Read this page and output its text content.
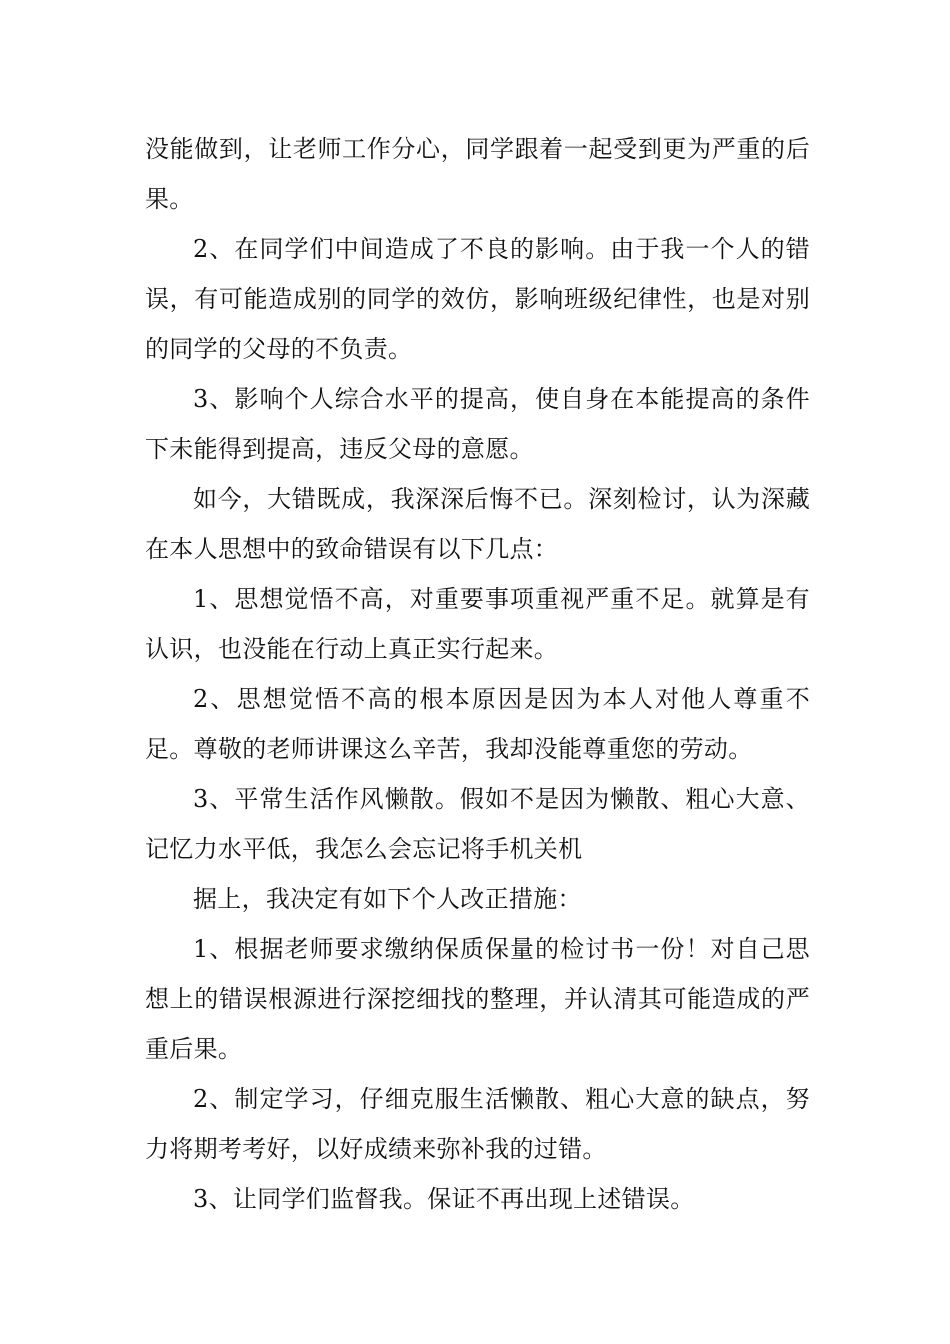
没能做到，让老师工作分心，同学跟着一起受到更为严重的后果。

2、在同学们中间造成了不良的影响。由于我一个人的错误，有可能造成别的同学的效仿，影响班级纪律性，也是对别的同学的父母的不负责。

3、影响个人综合水平的提高，使自身在本能提高的条件下未能得到提高，违反父母的意愿。

如今，大错既成，我深深后悔不已。深刻检讨，认为深藏在本人思想中的致命错误有以下几点：

1、思想觉悟不高，对重要事项重视严重不足。就算是有认识，也没能在行动上真正实行起来。

2、思想觉悟不高的根本原因是因为本人对他人尊重不足。尊敬的老师讲课这么辛苦，我却没能尊重您的劳动。

3、平常生活作风懒散。假如不是因为懒散、粗心大意、记忆力水平低，我怎么会忘记将手机关机

据上，我决定有如下个人改正措施：

1、根据老师要求缴纳保质保量的检讨书一份！对自己思想上的错误根源进行深挖细找的整理，并认清其可能造成的严重后果。

2、制定学习，仔细克服生活懒散、粗心大意的缺点，努力将期考考好，以好成绩来弥补我的过错。

3、让同学们监督我。保证不再出现上述错误。
